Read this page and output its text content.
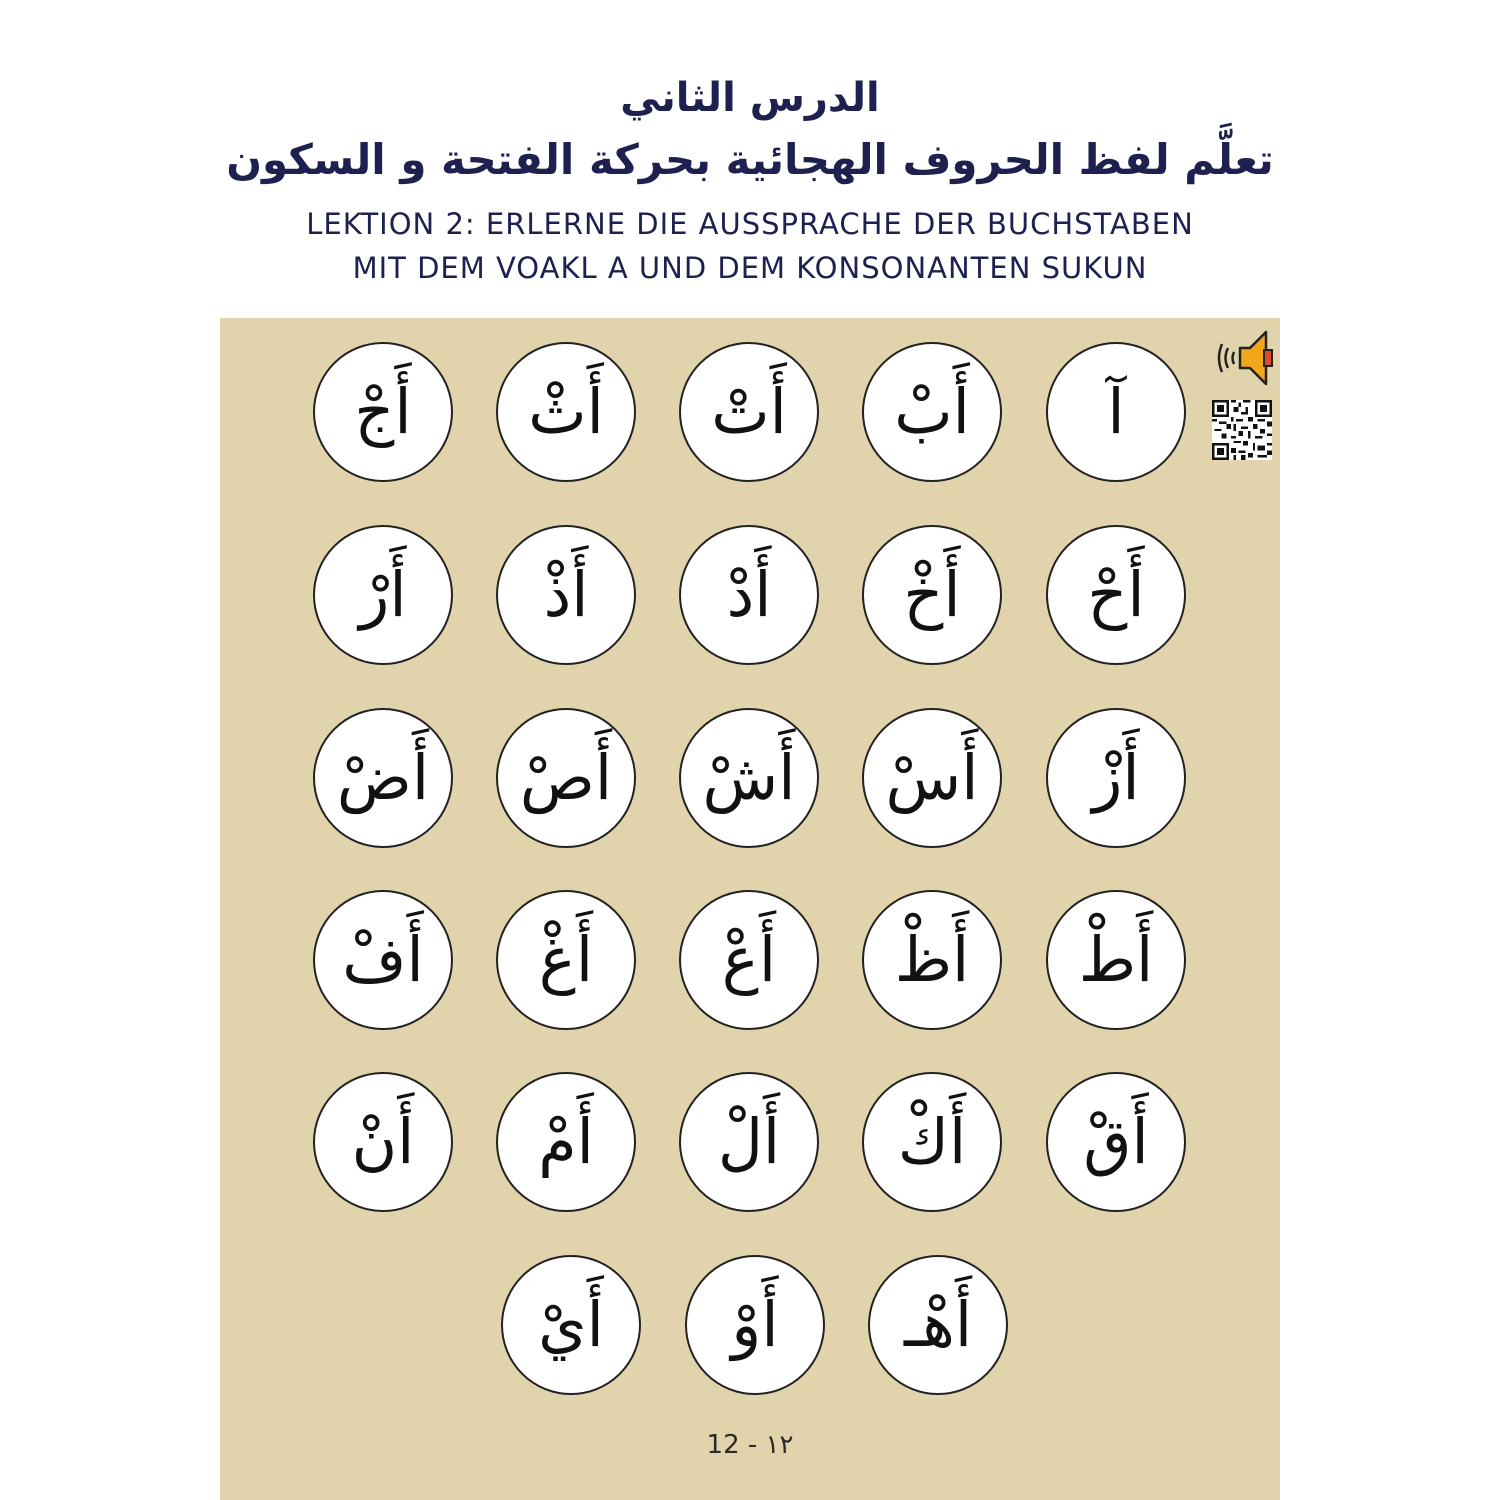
الدرس الثاني
تعلَّم لفظ الحروف الهجائية بحركة الفتحة و السكون
LEKTION 2: ERLERNE DIE AUSSPRACHE DER BUCHSTABEN
MIT DEM VOAKL A UND DEM KONSONANTEN SUKUN
آ
أب
أت
أث
أج
أح
أخ
أد
أذ
أر
أز
أس
أش
أص
أض
أط
أظ
أع
أغ
أف
أق
أك
أل
أم
أن
أهـ
أو
أي
12 - ١٢
